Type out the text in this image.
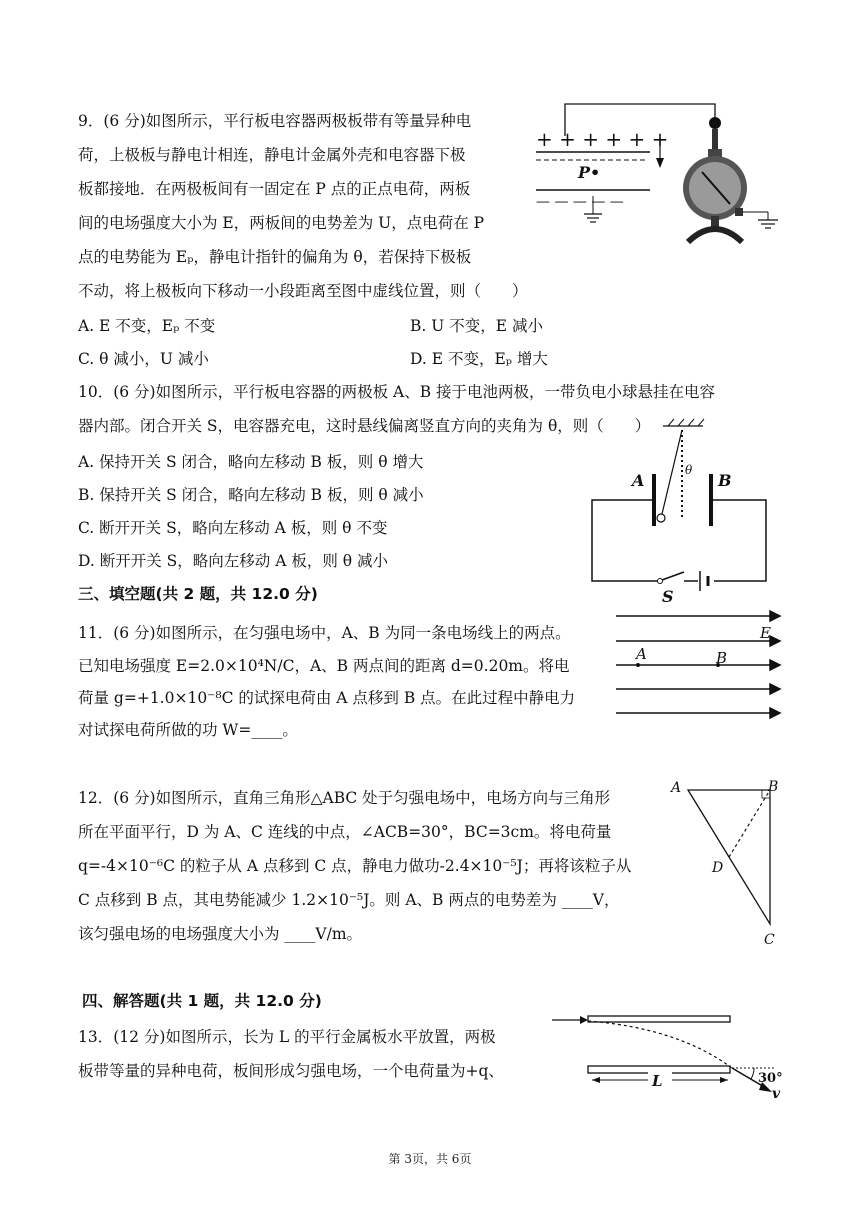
9．(6 分)如图所示，平行板电容器两极板带有等量异种电
荷，上极板与静电计相连，静电计金属外壳和电容器下极
板都接地．在两极板间有一固定在 P 点的正点电荷，两板
间的电场强度大小为 E，两板间的电势差为 U，点电荷在 P
点的电势能为 Eₚ，静电计指针的偏角为 θ，若保持下极板
不动，将上极板向下移动一小段距离至图中虚线位置，则（　　）
A. E 不变，Eₚ 不变	B. U 不变，E 减小
C. θ 减小，U 减小	D. E 不变，Eₚ 增大
+ + + + + +
P•
— — — — —
10．(6 分)如图所示，平行板电容器的两极板 A、B 接于电池两极，一带负电小球悬挂在电容
器内部。闭合开关 S，电容器充电，这时悬线偏离竖直方向的夹角为 θ，则（　　）
A. 保持开关 S 闭合，略向左移动 B 板，则 θ 增大
B. 保持开关 S 闭合，略向左移动 B 板，则 θ 减小
C. 断开开关 S，略向左移动 A 板，则 θ 不变
D. 断开开关 S，略向左移动 A 板，则 θ 减小
A	B
θ
S
三、填空题(共 2 题，共 12.0 分)
11．(6 分)如图所示，在匀强电场中，A、B 为同一条电场线上的两点。
已知电场强度 E=2.0×10⁴N/C，A、B 两点间的距离 d=0.20m。将电
荷量 g=+1.0×10⁻⁸C 的试探电荷由 A 点移到 B 点。在此过程中静电力
对试探电荷所做的功 W=____。
A	B
E
12．(6 分)如图所示，直角三角形△ABC 处于匀强电场中，电场方向与三角形
所在平面平行，D 为 A、C 连线的中点，∠ACB=30°，BC=3cm。将电荷量
q=-4×10⁻⁶C 的粒子从 A 点移到 C 点，静电力做功-2.4×10⁻⁵J；再将该粒子从
C 点移到 B 点，其电势能减少 1.2×10⁻⁵J。则 A、B 两点的电势差为 ____V，
该匀强电场的电场强度大小为 ____V/m。
A	B
C
D
四、解答题(共 1 题，共 12.0 分)
13．(12 分)如图所示，长为 L 的平行金属板水平放置，两极
板带等量的异种电荷，板间形成匀强电场，一个电荷量为+q、
L	30°
v
第 3页，共 6页
